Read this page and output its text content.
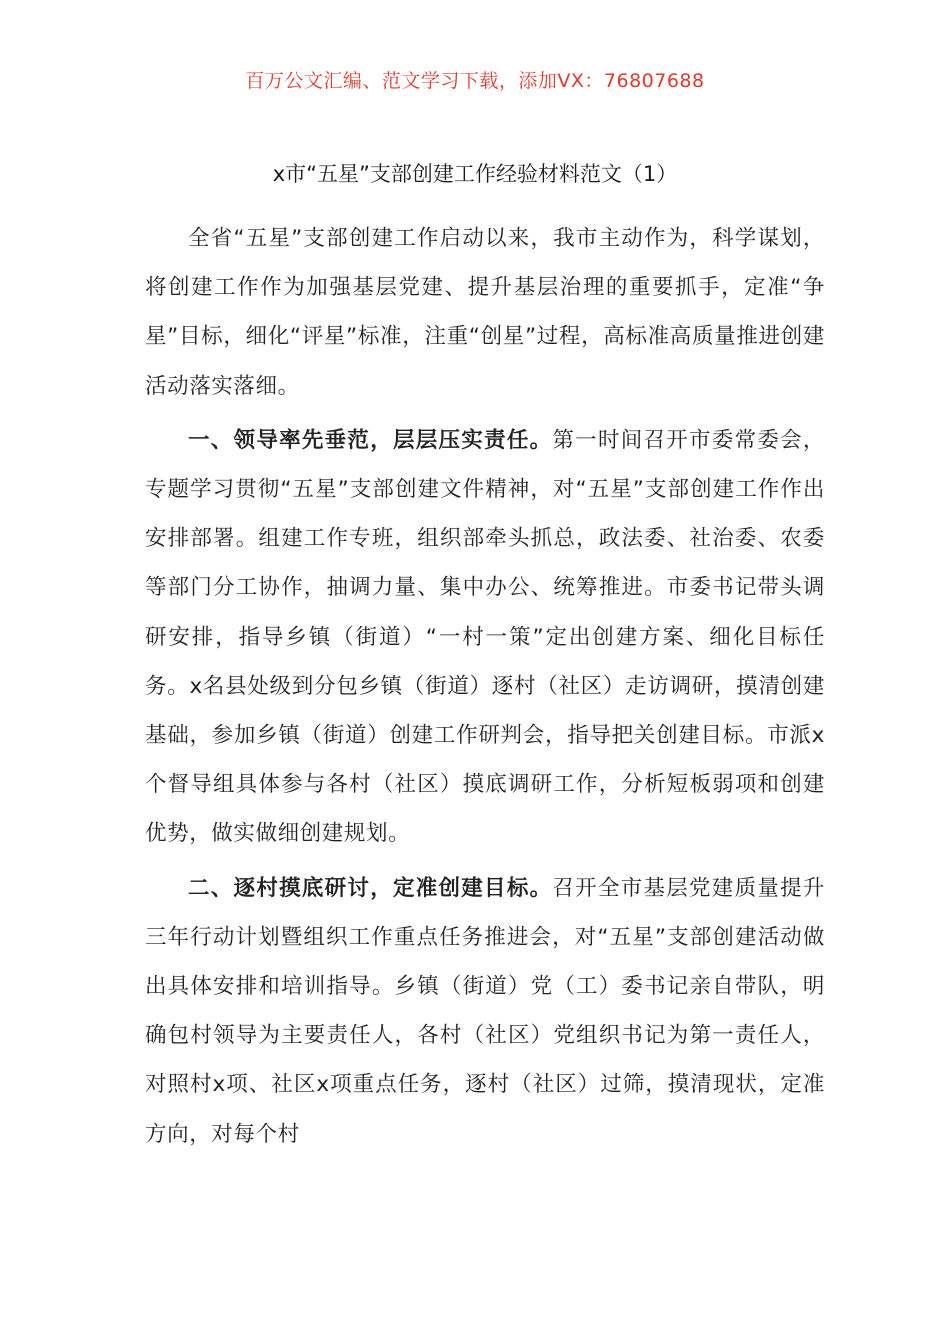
百万公文汇编、范文学习下载，添加VX：76807688
x市“五星”支部创建工作经验材料范文（1）

全省“五星”支部创建工作启动以来，我市主动作为，科学谋划，将创建工作作为加强基层党建、提升基层治理的重要抓手，定准“争星”目标，细化“评星”标准，注重“创星”过程，高标准高质量推进创建活动落实落细。

一、领导率先垂范，层层压实责任。第一时间召开市委常委会，专题学习贯彻“五星”支部创建文件精神，对“五星”支部创建工作作出安排部署。组建工作专班，组织部牵头抓总，政法委、社治委、农委等部门分工协作，抽调力量、集中办公、统筹推进。市委书记带头调研安排，指导乡镇（街道）“一村一策”定出创建方案、细化目标任务。x名县处级到分包乡镇（街道）逐村（社区）走访调研，摸清创建基础，参加乡镇（街道）创建工作研判会，指导把关创建目标。市派x个督导组具体参与各村（社区）摸底调研工作，分析短板弱项和创建优势，做实做细创建规划。

二、逐村摸底研讨，定准创建目标。召开全市基层党建质量提升三年行动计划暨组织工作重点任务推进会，对“五星”支部创建活动做出具体安排和培训指导。乡镇（街道）党（工）委书记亲自带队，明确包村领导为主要责任人，各村（社区）党组织书记为第一责任人，对照村x项、社区x项重点任务，逐村（社区）过筛，摸清现状，定准方向，对每个村
